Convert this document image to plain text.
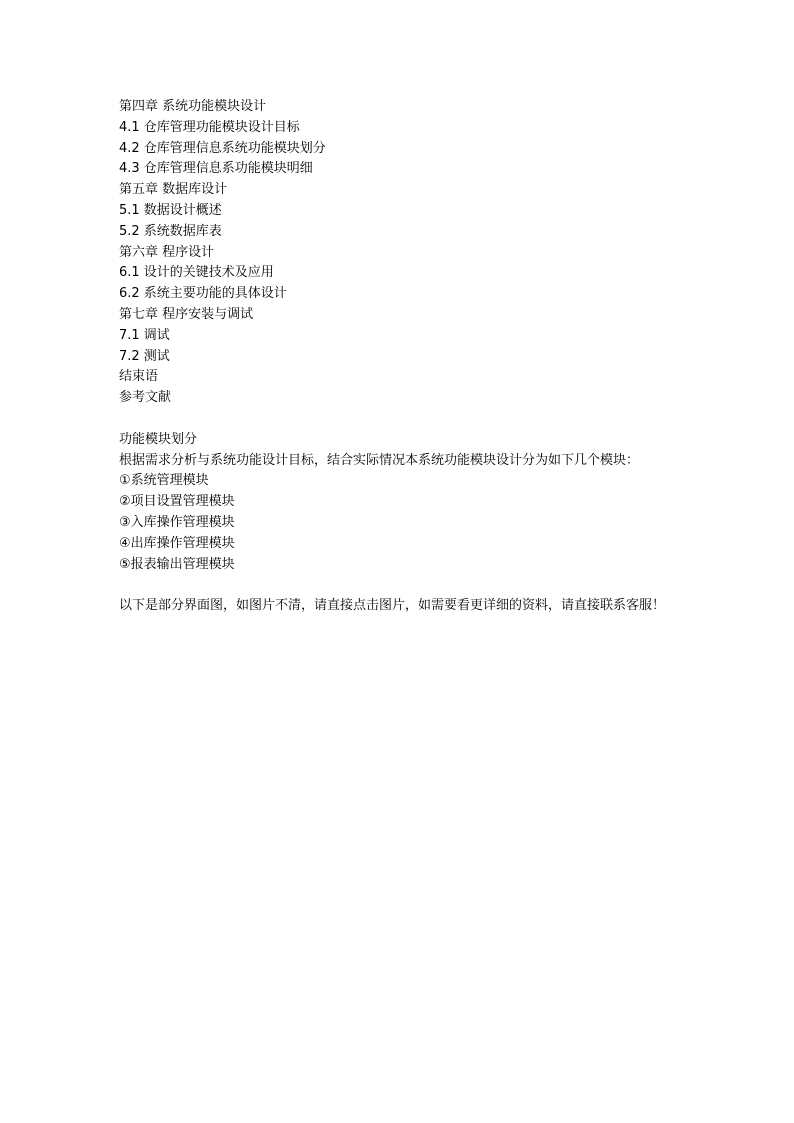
第四章 系统功能模块设计
4.1 仓库管理功能模块设计目标
4.2 仓库管理信息系统功能模块划分
4.3 仓库管理信息系功能模块明细
第五章 数据库设计
5.1 数据设计概述
5.2 系统数据库表
第六章 程序设计
6.1 设计的关键技术及应用
6.2 系统主要功能的具体设计
第七章 程序安装与调试
7.1 调试
7.2 测试
结束语
参考文献
功能模块划分
根据需求分析与系统功能设计目标，结合实际情况本系统功能模块设计分为如下几个模块：
①系统管理模块
②项目设置管理模块
③入库操作管理模块
④出库操作管理模块
⑤报表输出管理模块
以下是部分界面图，如图片不清，请直接点击图片，如需要看更详细的资料，请直接联系客服！
